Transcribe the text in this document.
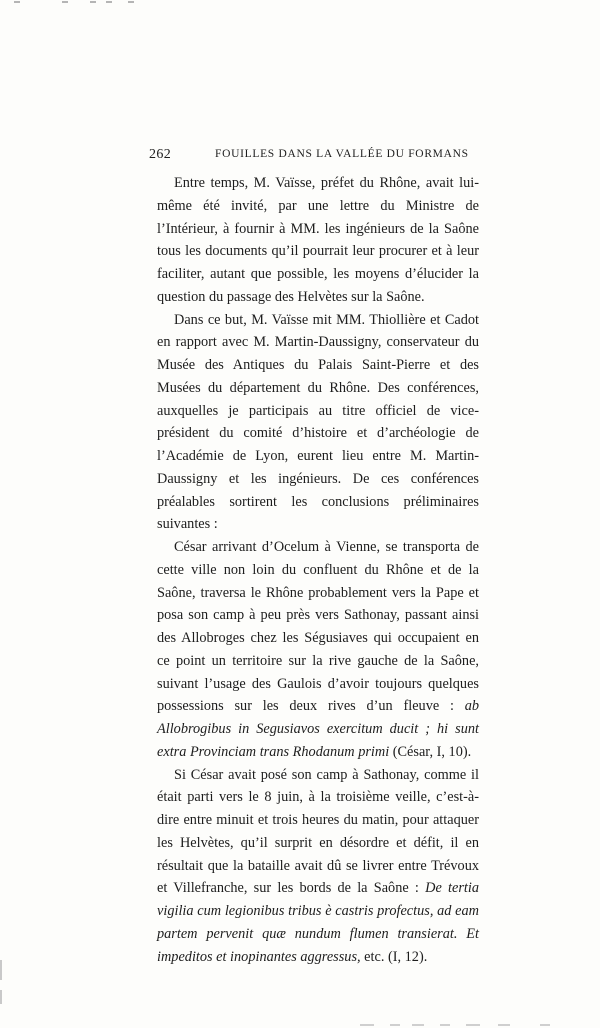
262	FOUILLES DANS LA VALLÉE DU FORMANS

Entre temps, M. Vaïsse, préfet du Rhône, avait lui-même été invité, par une lettre du Ministre de l’Intérieur, à fournir à MM. les ingénieurs de la Saône tous les documents qu’il pourrait leur procurer et à leur faciliter, autant que possible, les moyens d’élucider la question du passage des Helvètes sur la Saône.

Dans ce but, M. Vaïsse mit MM. Thiollière et Cadot en rapport avec M. Martin-Daussigny, conservateur du Musée des Antiques du Palais Saint-Pierre et des Musées du département du Rhône. Des conférences, auxquelles je participais au titre officiel de vice-président du comité d’histoire et d’archéologie de l’Académie de Lyon, eurent lieu entre M. Martin-Daussigny et les ingénieurs. De ces conférences préalables sortirent les conclusions préliminaires suivantes :

César arrivant d’Ocelum à Vienne, se transporta de cette ville non loin du confluent du Rhône et de la Saône, traversa le Rhône probablement vers la Pape et posa son camp à peu près vers Sathonay, passant ainsi des Allobroges chez les Ségusiaves qui occupaient en ce point un territoire sur la rive gauche de la Saône, suivant l’usage des Gaulois d’avoir toujours quelques possessions sur les deux rives d’un fleuve : ab Allobrogibus in Segusiavos exercitum ducit ; hi sunt extra Provinciam trans Rhodanum primi (César, I, 10).

Si César avait posé son camp à Sathonay, comme il était parti vers le 8 juin, à la troisième veille, c’est-à-dire entre minuit et trois heures du matin, pour attaquer les Helvètes, qu’il surprit en désordre et défit, il en résultait que la bataille avait dû se livrer entre Trévoux et Villefranche, sur les bords de la Saône : De tertia vigilia cum legionibus tribus è castris profectus, ad eam partem pervenit quæ nundum flumen transierat. Et impeditos et inopinantes aggressus, etc. (I, 12).
